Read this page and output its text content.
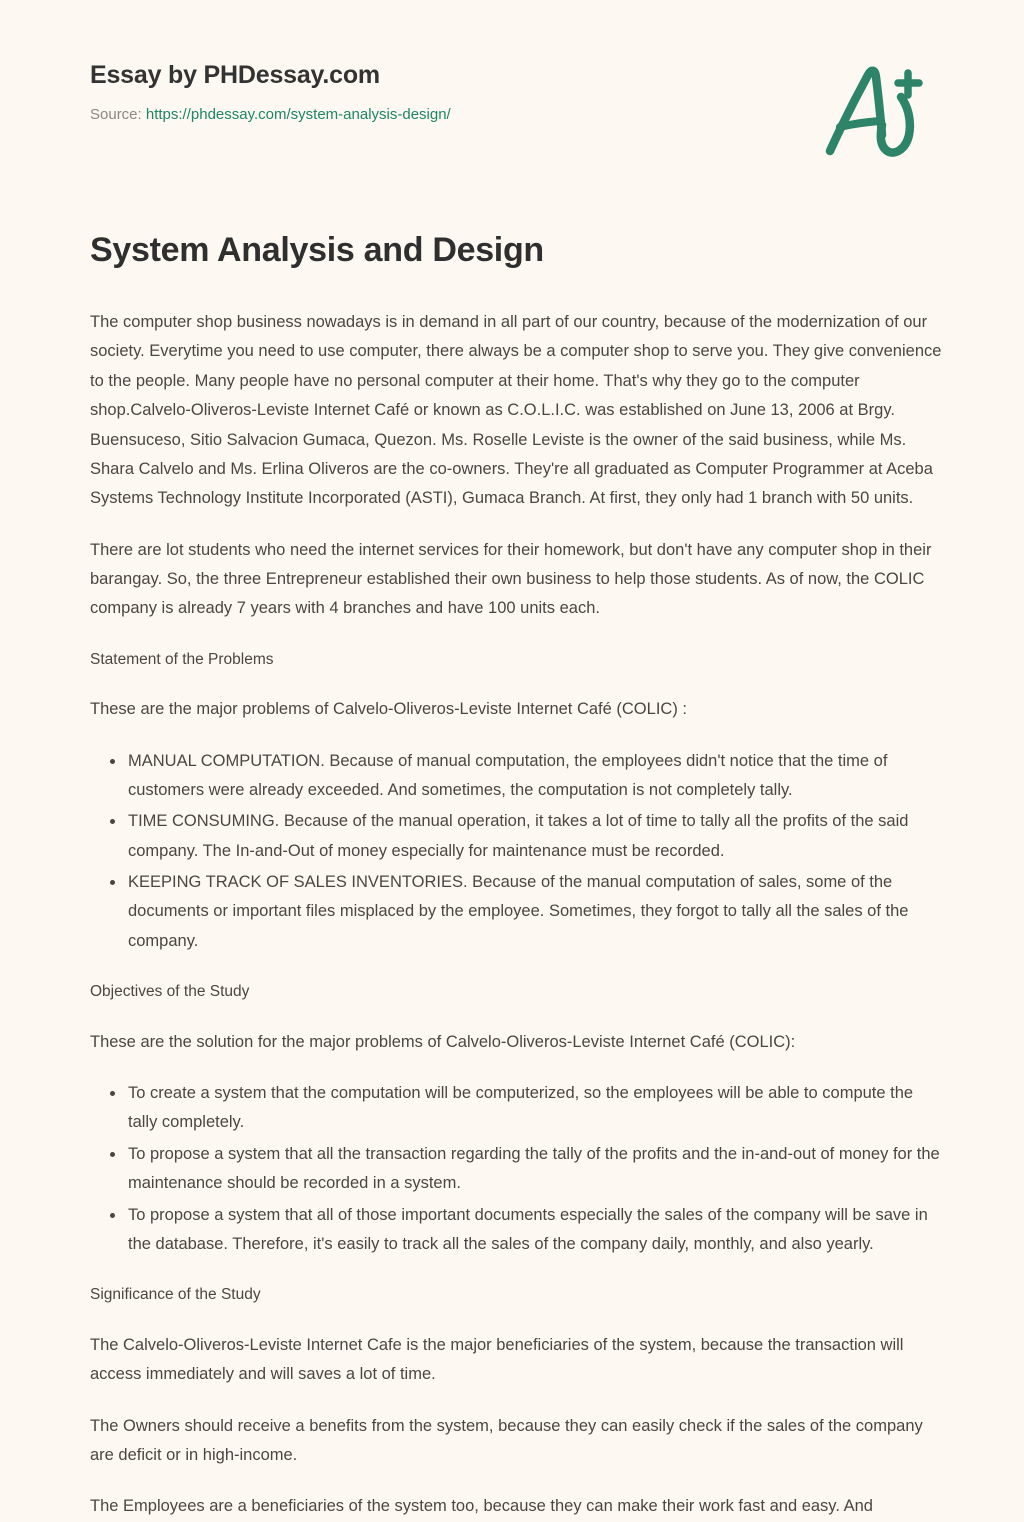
Essay by PHDessay.com
Source: https://phdessay.com/system-analysis-design/
System Analysis and Design

The computer shop business nowadays is in demand in all part of our country, because of the modernization of our society. Everytime you need to use computer, there always be a computer shop to serve you. They give convenience to the people. Many people have no personal computer at their home. That's why they go to the computer shop.Calvelo-Oliveros-Leviste Internet Café or known as C.O.L.I.C. was established on June 13, 2006 at Brgy. Buensuceso, Sitio Salvacion Gumaca, Quezon. Ms. Roselle Leviste is the owner of the said business, while Ms. Shara Calvelo and Ms. Erlina Oliveros are the co-owners. They're all graduated as Computer Programmer at Aceba Systems Technology Institute Incorporated (ASTI), Gumaca Branch. At first, they only had 1 branch with 50 units.

There are lot students who need the internet services for their homework, but don't have any computer shop in their barangay. So, the three Entrepreneur established their own business to help those students. As of now, the COLIC company is already 7 years with 4 branches and have 100 units each.

Statement of the Problems

These are the major problems of Calvelo-Oliveros-Leviste Internet Café (COLIC) :

MANUAL COMPUTATION. Because of manual computation, the employees didn't notice that the time of customers were already exceeded. And sometimes, the computation is not completely tally.
TIME CONSUMING. Because of the manual operation, it takes a lot of time to tally all the profits of the said company. The In-and-Out of money especially for maintenance must be recorded.
KEEPING TRACK OF SALES INVENTORIES. Because of the manual computation of sales, some of the documents or important files misplaced by the employee. Sometimes, they forgot to tally all the sales of the company.

Objectives of the Study

These are the solution for the major problems of Calvelo-Oliveros-Leviste Internet Café (COLIC):

To create a system that the computation will be computerized, so the employees will be able to compute the tally completely.
To propose a system that all the transaction regarding the tally of the profits and the in-and-out of money for the maintenance should be recorded in a system.
To propose a system that all of those important documents especially the sales of the company will be save in the database. Therefore, it's easily to track all the sales of the company daily, monthly, and also yearly.

Significance of the Study

The Calvelo-Oliveros-Leviste Internet Cafe is the major beneficiaries of the system, because the transaction will access immediately and will saves a lot of time.

The Owners should receive a benefits from the system, because they can easily check if the sales of the company are deficit or in high-income.

The Employees are a beneficiaries of the system too, because they can make their work fast and easy. And
